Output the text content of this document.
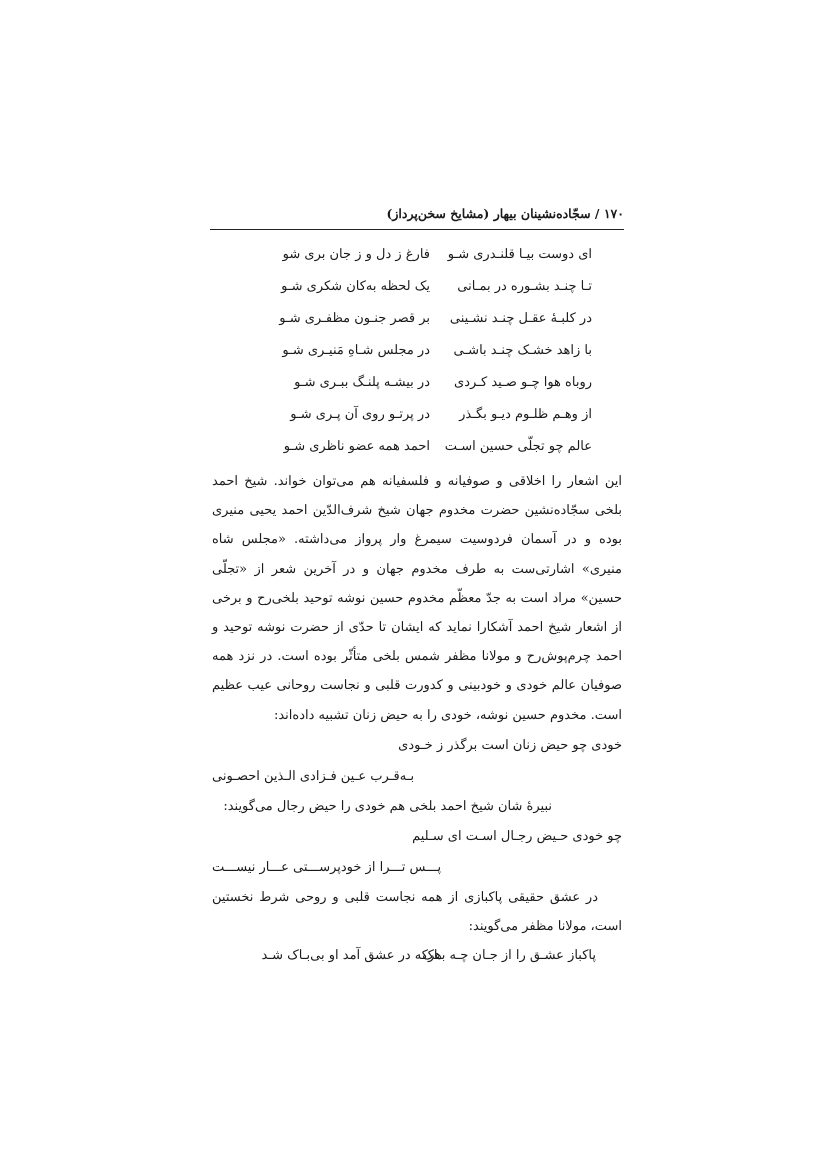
۱۷۰ / سجّاده‌نشینان بیهار (مشایخ سخن‌پرداز)
ای دوست بیـا قلنـدری شـو
فارغ ز دل و ز جان بری شو
تـا چنـد بشـوره در بمـانی
یک لحظه به‌کان شکری شـو
در کلبـهٔ عقـل چنـد نشـینی
بر قصر جنـون مظفـری شـو
با زاهد خشـک چنـد باشـی
در مجلس شـاهِ مَنیـری شـو
روباه هوا چـو صـید کـردی
در بیشـه پلنـگ ببـری شـو
از وهـم ظلـوم دیـو بگـذر
در پرتـو روی آن پـری شـو
عالم چو تجلّی حسین اسـت
احمد همه عضو ناظری شـو
این اشعار را اخلاقی و صوفیانه و فلسفیانه هم می‌توان خواند. شیخ احمد بلخی سجّاده‌نشین حضرت مخدوم جهان شیخ شرف‌الدّین احمد یحیی منیری بوده و در آسمان فردوسیت سیمرغ وار پرواز می‌داشته. «مجلس شاه منیری» اشارتی‌ست به طرف مخدوم جهان و در آخرین شعر از «تجلّی حسین» مراد است به جدّ معظّم مخدوم حسین نوشه توحید بلخی‌رح و برخی از اشعار شیخ احمد آشکارا نماید که ایشان تا حدّی از حضرت نوشه توحید و احمد چرم‌پوش‌رح و مولانا مظفر شمس بلخی متأثّر بوده است. در نزد همه صوفیان عالم خودی و خودبینی و کدورت قلبی و نجاست روحانی عیب عظیم است. مخدوم حسین نوشه، خودی را به حیض زنان تشبیه داده‌اند:
خودی چو حیض زنان است برگذر ز خـودی
بـه‌قـرب عـین فـزادی الـذین احصـونی
نبیرهٔ شان شیخ احمد بلخی هم خودی را حیض رجال می‌گویند:
چو خودی حـیض رجـال اسـت ای سـلیم
پـــس تـــرا از خودپرســـتی عـــار نیســـت
در عشق حقیقی پاکبازی از همه نجاست قلبی و روحی شرط نخستین است، مولانا مظفر می‌گویند:
پاکباز عشـق را از جـان چـه بـاک
هرکه در عشق آمد او بی‌بـاک شـد
